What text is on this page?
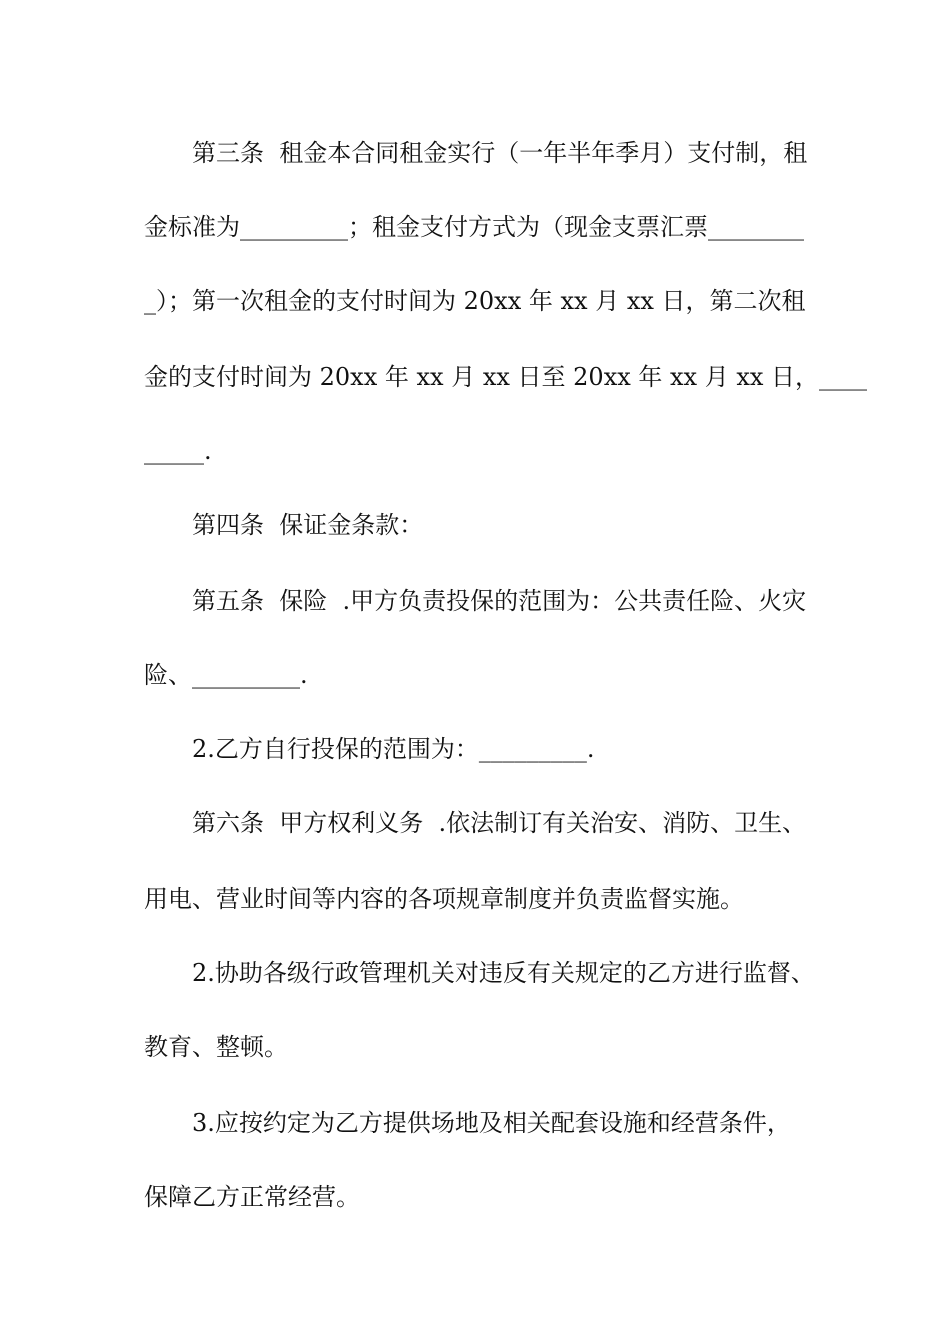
第三条  租金本合同租金实行（一年半年季月）支付制，租
金标准为_________；租金支付方式为（现金支票汇票________
_）；第一次租金的支付时间为 20xx 年 xx 月 xx 日，第二次租
金的支付时间为 20xx 年 xx 月 xx 日至 20xx 年 xx 月 xx 日，____
_____.
第四条  保证金条款：
第五条  保险  .甲方负责投保的范围为：公共责任险、火灾
险、_________.
2.乙方自行投保的范围为：_________.
第六条  甲方权利义务  .依法制订有关治安、消防、卫生、
用电、营业时间等内容的各项规章制度并负责监督实施。
2.协助各级行政管理机关对违反有关规定的乙方进行监督、
教育、整顿。
3.应按约定为乙方提供场地及相关配套设施和经营条件，
保障乙方正常经营。
